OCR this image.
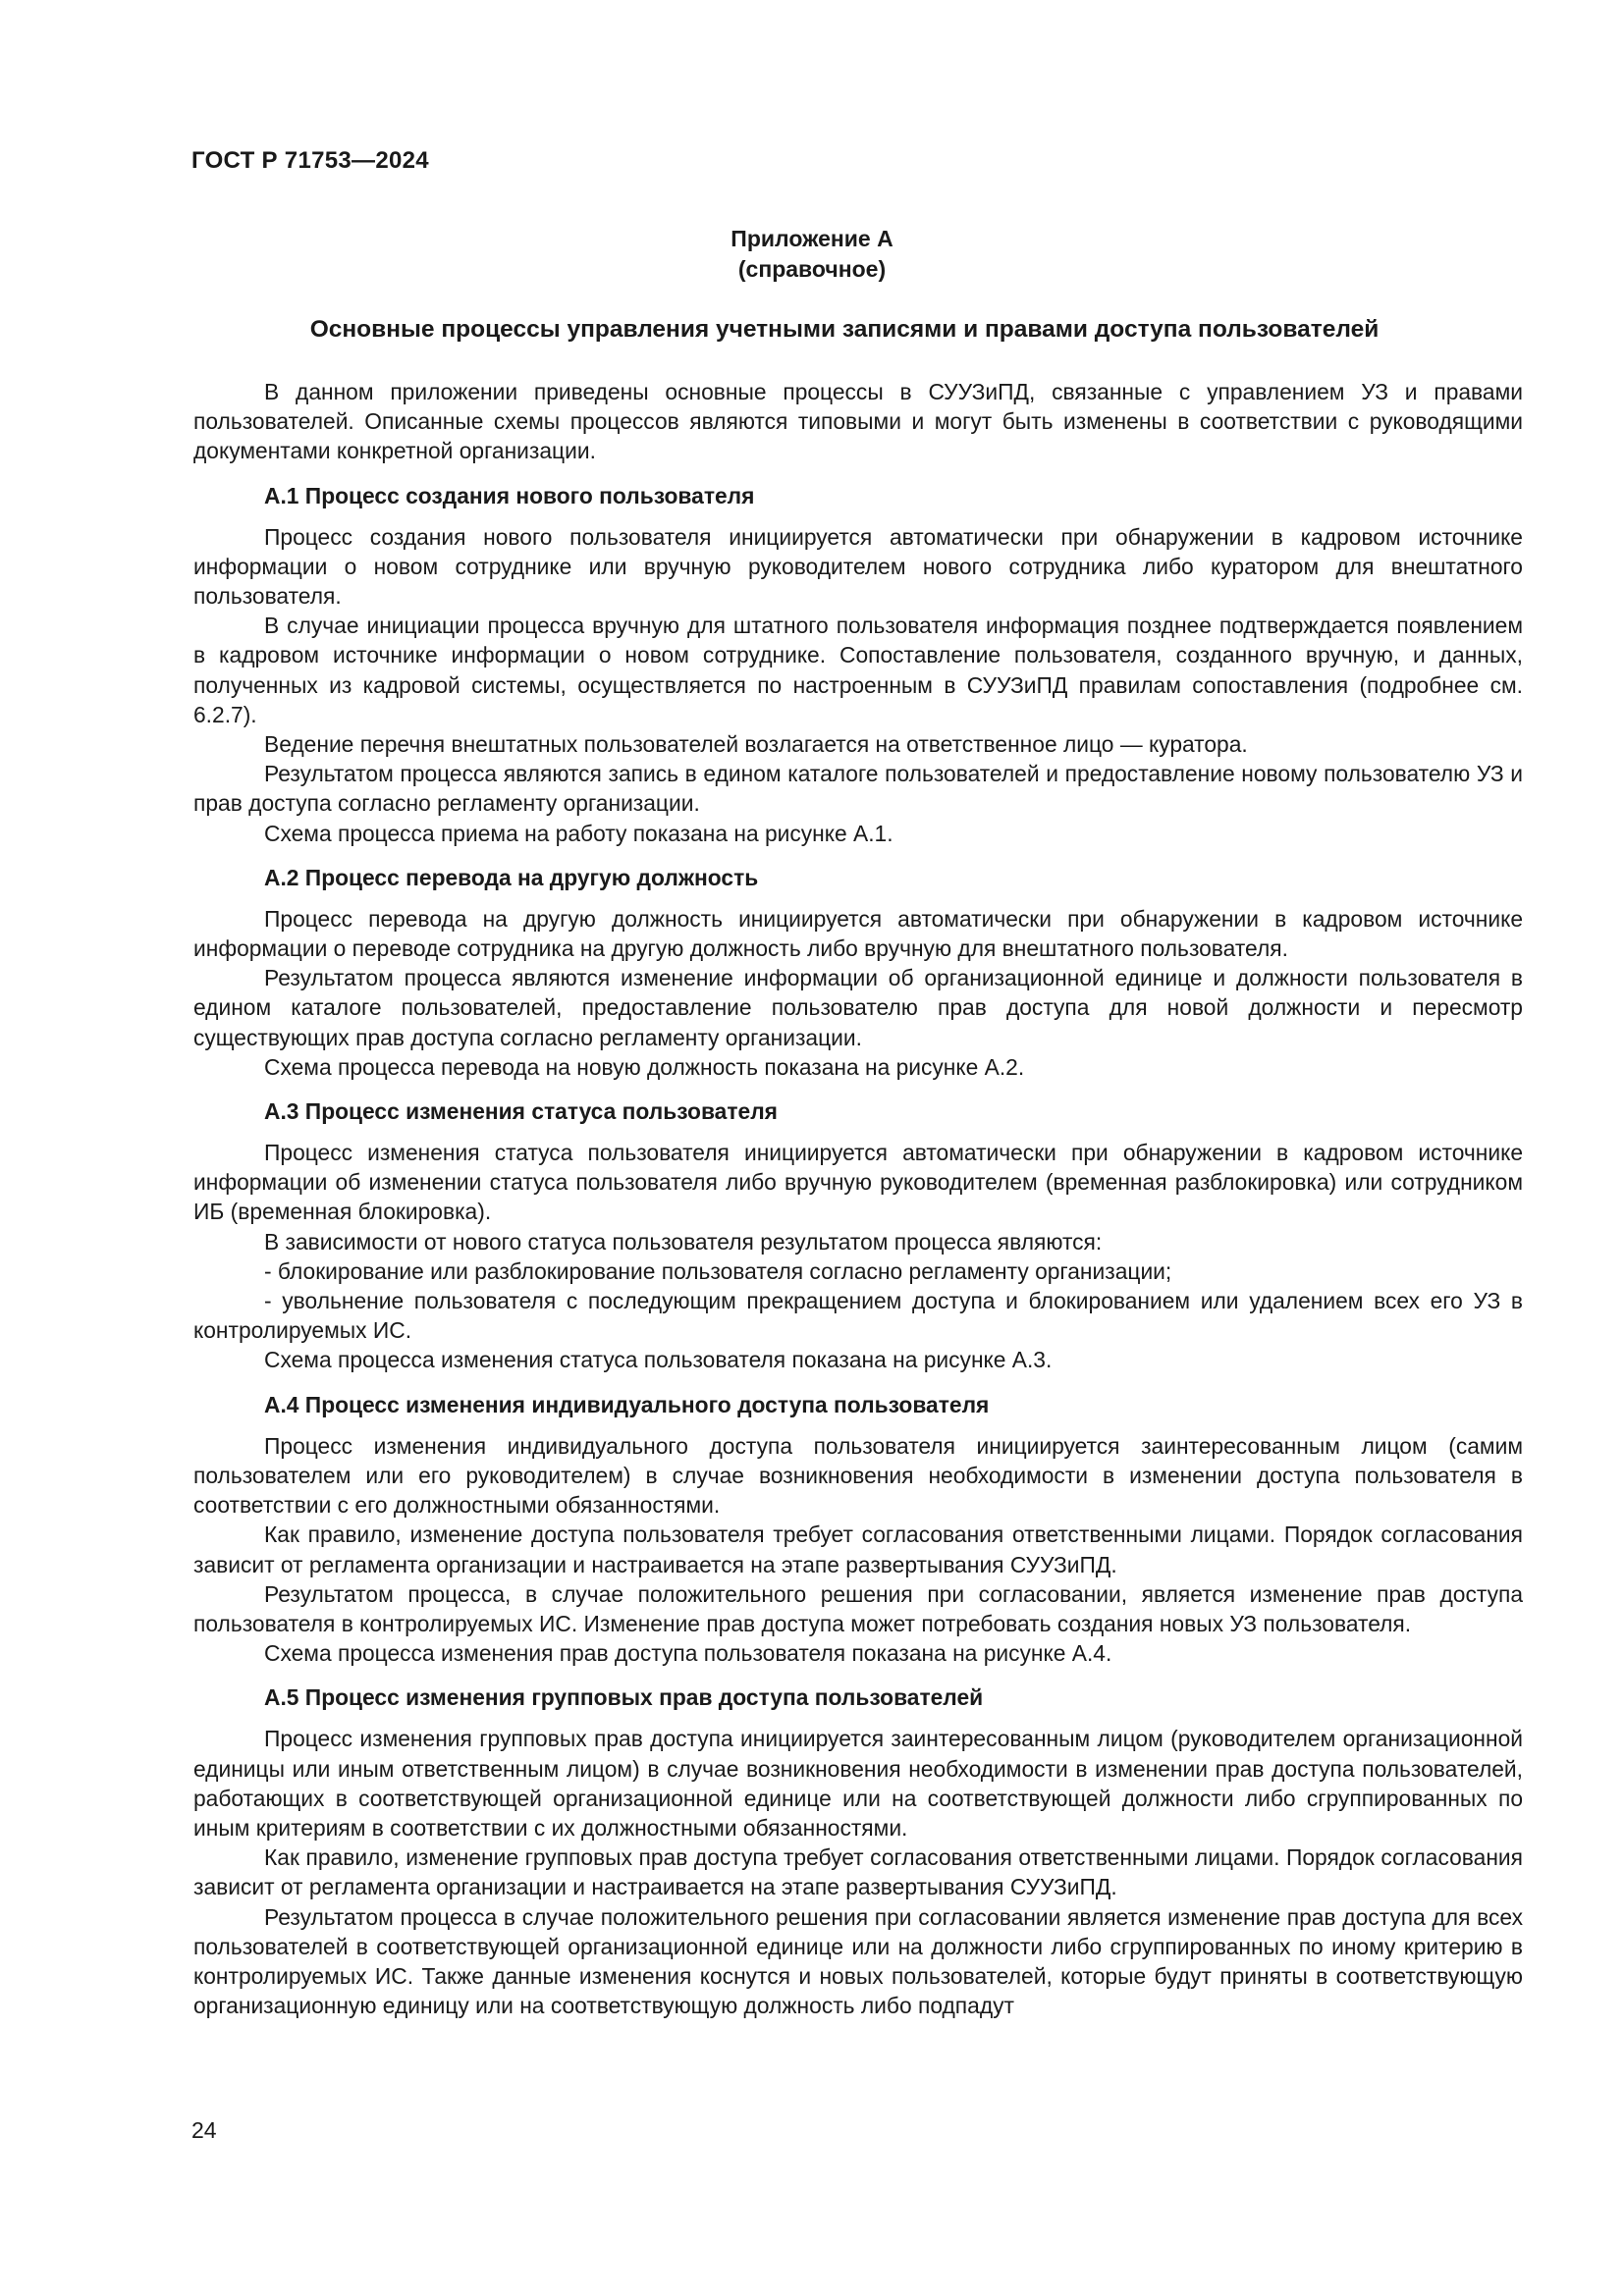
ГОСТ Р 71753—2024
Приложение А
(справочное)
Основные процессы управления учетными записями и правами доступа пользователей

В данном приложении приведены основные процессы в СУУЗиПД, связанные с управлением УЗ и правами пользователей. Описанные схемы процессов являются типовыми и могут быть изменены в соответствии с руководящими документами конкретной организации.

А.1 Процесс создания нового пользователя

Процесс создания нового пользователя инициируется автоматически при обнаружении в кадровом источнике информации о новом сотруднике или вручную руководителем нового сотрудника либо куратором для внештатного пользователя.

В случае инициации процесса вручную для штатного пользователя информация позднее подтверждается появлением в кадровом источнике информации о новом сотруднике. Сопоставление пользователя, созданного вручную, и данных, полученных из кадровой системы, осуществляется по настроенным в СУУЗиПД правилам сопоставления (подробнее см. 6.2.7).

Ведение перечня внештатных пользователей возлагается на ответственное лицо — куратора.

Результатом процесса являются запись в едином каталоге пользователей и предоставление новому пользователю УЗ и прав доступа согласно регламенту организации.

Схема процесса приема на работу показана на рисунке А.1.

А.2 Процесс перевода на другую должность

Процесс перевода на другую должность инициируется автоматически при обнаружении в кадровом источнике информации о переводе сотрудника на другую должность либо вручную для внештатного пользователя.

Результатом процесса являются изменение информации об организационной единице и должности пользователя в едином каталоге пользователей, предоставление пользователю прав доступа для новой должности и пересмотр существующих прав доступа согласно регламенту организации.

Схема процесса перевода на новую должность показана на рисунке А.2.

А.3 Процесс изменения статуса пользователя

Процесс изменения статуса пользователя инициируется автоматически при обнаружении в кадровом источнике информации об изменении статуса пользователя либо вручную руководителем (временная разблокировка) или сотрудником ИБ (временная блокировка).

В зависимости от нового статуса пользователя результатом процесса являются:

- блокирование или разблокирование пользователя согласно регламенту организации;

- увольнение пользователя с последующим прекращением доступа и блокированием или удалением всех его УЗ в контролируемых ИС.

Схема процесса изменения статуса пользователя показана на рисунке А.3.

А.4 Процесс изменения индивидуального доступа пользователя

Процесс изменения индивидуального доступа пользователя инициируется заинтересованным лицом (самим пользователем или его руководителем) в случае возникновения необходимости в изменении доступа пользователя в соответствии с его должностными обязанностями.

Как правило, изменение доступа пользователя требует согласования ответственными лицами. Порядок согласования зависит от регламента организации и настраивается на этапе развертывания СУУЗиПД.

Результатом процесса, в случае положительного решения при согласовании, является изменение прав доступа пользователя в контролируемых ИС. Изменение прав доступа может потребовать создания новых УЗ пользователя.

Схема процесса изменения прав доступа пользователя показана на рисунке А.4.

А.5 Процесс изменения групповых прав доступа пользователей

Процесс изменения групповых прав доступа инициируется заинтересованным лицом (руководителем организационной единицы или иным ответственным лицом) в случае возникновения необходимости в изменении прав доступа пользователей, работающих в соответствующей организационной единице или на соответствующей должности либо сгруппированных по иным критериям в соответствии с их должностными обязанностями.

Как правило, изменение групповых прав доступа требует согласования ответственными лицами. Порядок согласования зависит от регламента организации и настраивается на этапе развертывания СУУЗиПД.

Результатом процесса в случае положительного решения при согласовании является изменение прав доступа для всех пользователей в соответствующей организационной единице или на должности либо сгруппированных по иному критерию в контролируемых ИС. Также данные изменения коснутся и новых пользователей, которые будут приняты в соответствующую организационную единицу или на соответствующую должность либо подпадут

24
